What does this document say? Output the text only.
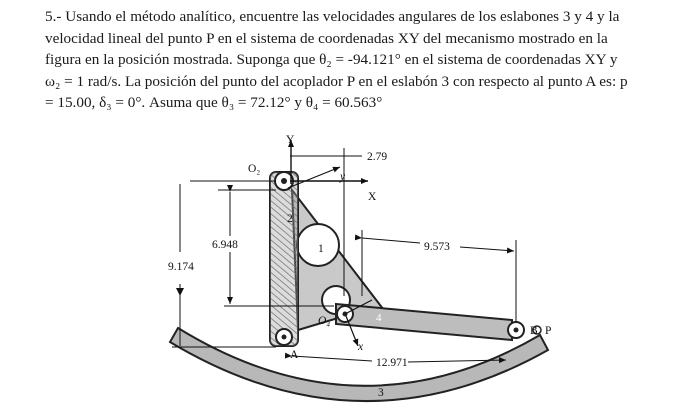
5.- Usando el método analítico, encuentre las velocidades angulares de los eslabones 3 y 4 y la
velocidad lineal del punto P en el sistema de coordenadas XY del mecanismo mostrado en la
figura en la posición mostrada. Suponga que θ₂ = -94.121° en el sistema de coordenadas XY y
ω₂ = 1 rad/s. La posición del punto del acoplador P en el eslabón 3 con respecto al punto A es: p
= 15.00, δ₃ = 0°. Asuma que θ₃ = 72.12° y θ₄ = 60.563°
2.79
6.948
9.174
9.573
12.971
Y
X
y
x
O₂
O₄
A
B P
2
1
4
3
